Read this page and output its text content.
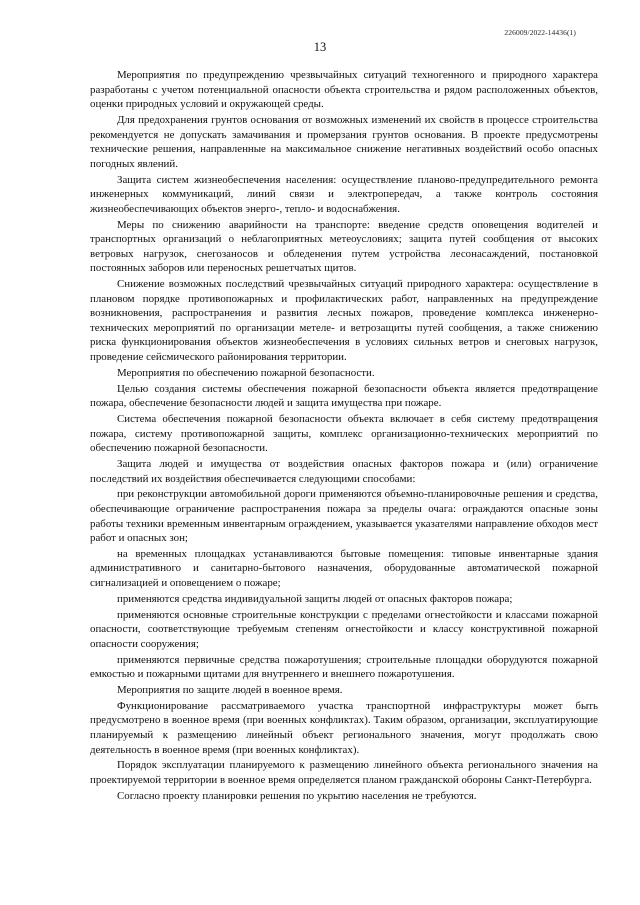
226009/2022-14436(1)
13

Мероприятия по предупреждению чрезвычайных ситуаций техногенного и природного характера разработаны с учетом потенциальной опасности объекта строительства и рядом расположенных объектов, оценки природных условий и окружающей среды.

Для предохранения грунтов основания от возможных изменений их свойств в процессе строительства рекомендуется не допускать замачивания и промерзания грунтов основания. В проекте предусмотрены технические решения, направленные на максимальное снижение негативных воздействий особо опасных погодных явлений.

Защита систем жизнеобеспечения населения: осуществление планово-предупредительного ремонта инженерных коммуникаций, линий связи и электропередач, а также контроль состояния жизнеобеспечивающих объектов энерго-, тепло- и водоснабжения.

Меры по снижению аварийности на транспорте: введение средств оповещения водителей и транспортных организаций о неблагоприятных метеоусловиях; защита путей сообщения от высоких ветровых нагрузок, снегозаносов и обледенения путем устройства лесонасаждений, постановкой постоянных заборов или переносных решетчатых щитов.

Снижение возможных последствий чрезвычайных ситуаций природного характера: осуществление в плановом порядке противопожарных и профилактических работ, направленных на предупреждение возникновения, распространения и развития лесных пожаров, проведение комплекса инженерно-технических мероприятий по организации метеле- и ветрозащиты путей сообщения, а также снижению риска функционирования объектов жизнеобеспечения в условиях сильных ветров и снеговых нагрузок, проведение сейсмического районирования территории.

Мероприятия по обеспечению пожарной безопасности.

Целью создания системы обеспечения пожарной безопасности объекта является предотвращение пожара, обеспечение безопасности людей и защита имущества при пожаре.

Система обеспечения пожарной безопасности объекта включает в себя систему предотвращения пожара, систему противопожарной защиты, комплекс организационно-технических мероприятий по обеспечению пожарной безопасности.

Защита людей и имущества от воздействия опасных факторов пожара и (или) ограничение последствий их воздействия обеспечивается следующими способами:

при реконструкции автомобильной дороги применяются объемно-планировочные решения и средства, обеспечивающие ограничение распространения пожара за пределы очага: ограждаются опасные зоны работы техники временным инвентарным ограждением, указывается указателями направление обходов мест работ и опасных зон;

на временных площадках устанавливаются бытовые помещения: типовые инвентарные здания административного и санитарно-бытового назначения, оборудованные автоматической пожарной сигнализацией и оповещением о пожаре;

применяются средства индивидуальной защиты людей от опасных факторов пожара;

применяются основные строительные конструкции с пределами огнестойкости и классами пожарной опасности, соответствующие требуемым степеням огнестойкости и классу конструктивной пожарной опасности сооружения;

применяются первичные средства пожаротушения; строительные площадки оборудуются пожарной емкостью и пожарными щитами для внутреннего и внешнего пожаротушения.

Мероприятия по защите людей в военное время.

Функционирование рассматриваемого участка транспортной инфраструктуры может быть предусмотрено в военное время (при военных конфликтах). Таким образом, организации, эксплуатирующие планируемый к размещению линейный объект регионального значения, могут продолжать свою деятельность в военное время (при военных конфликтах).

Порядок эксплуатации планируемого к размещению линейного объекта регионального значения на проектируемой территории в военное время определяется планом гражданской обороны Санкт-Петербурга.

Согласно проекту планировки решения по укрытию населения не требуются.
